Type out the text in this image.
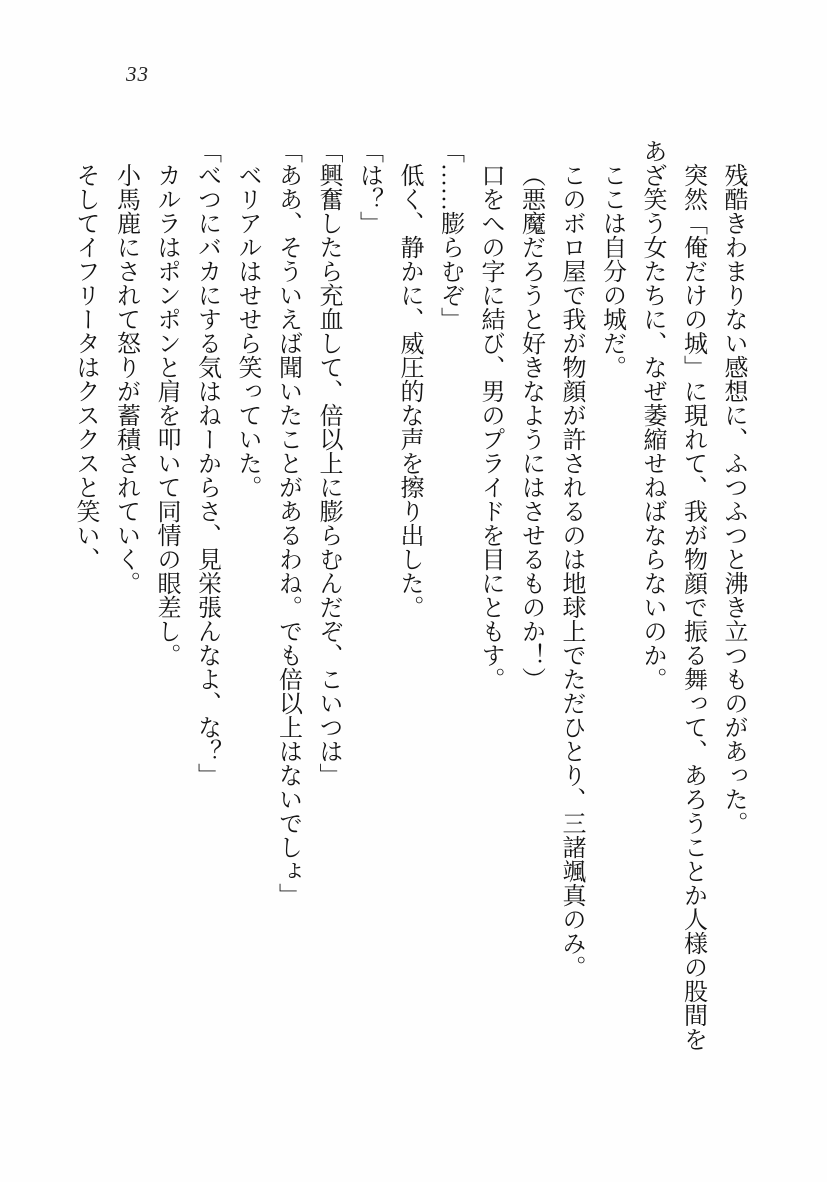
33

残酷きわまりない感想に、ふつふつと沸き立つものがあった。

突然「俺だけの城」に現れて、我が物顔で振る舞って、あろうことか人様の股間をあざ笑う女たちに、なぜ萎縮せねばならないのか。

ここは自分の城だ。

このボロ屋で我が物顔が許されるのは地球上でただひとり、三諸颯真のみ。

（悪魔だろうと好きなようにはさせるものか！）

口をへの字に結び、男のプライドを目にともす。

「……膨らむぞ」

低く、静かに、威圧的な声を擦り出した。

「は？」

「興奮したら充血して、倍以上に膨らむんだぞ、こいつは」

「ああ、そういえば聞いたことがあるわね。でも倍以上はないでしょ」

ベリアルはせせら笑っていた。

「べつにバカにする気はねーからさ、見栄張んなよ、な？」

カルラはポンポンと肩を叩いて同情の眼差し。

小馬鹿にされて怒りが蓄積されていく。

そしてイフリータはクスクスと笑い、
